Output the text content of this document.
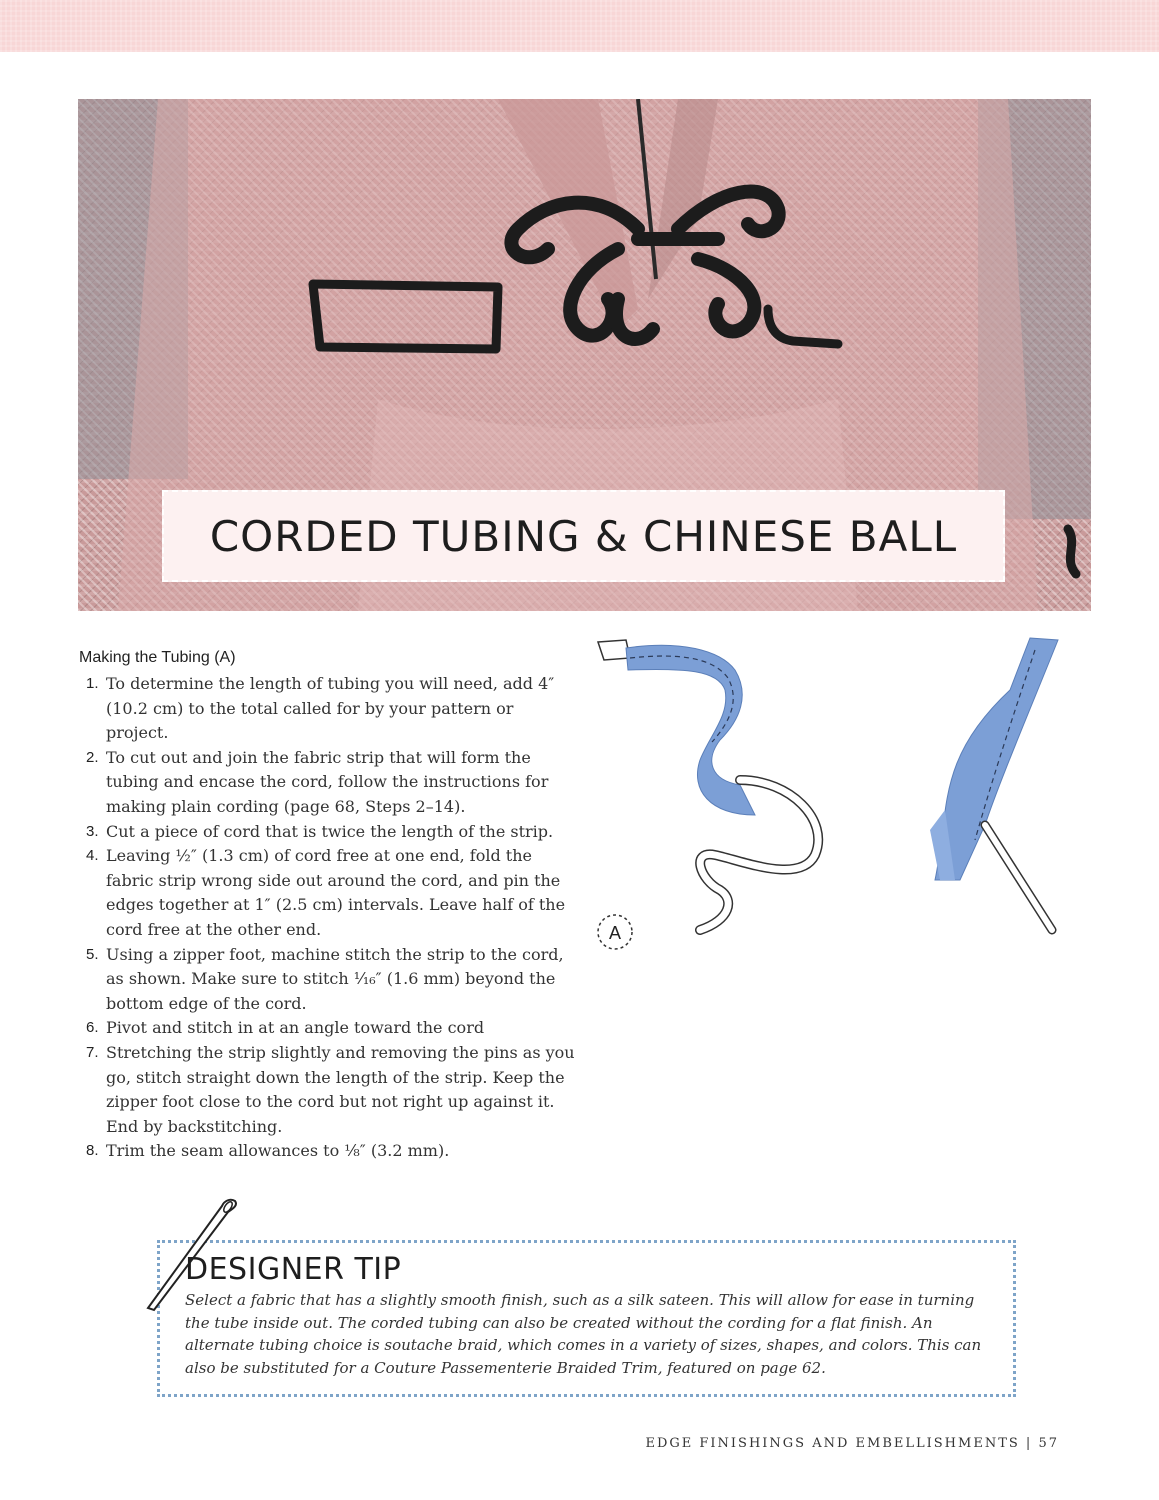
CORDED TUBING & CHINESE BALL
Making the Tubing (A)
1. To determine the length of tubing you will need, add 4″ (10.2 cm) to the total called for by your pattern or project.
2. To cut out and join the fabric strip that will form the tubing and encase the cord, follow the instructions for making plain cording (page 68, Steps 2–14).
3. Cut a piece of cord that is twice the length of the strip.
4. Leaving ½″ (1.3 cm) of cord free at one end, fold the fabric strip wrong side out around the cord, and pin the edges together at 1″ (2.5 cm) intervals. Leave half of the cord free at the other end.
5. Using a zipper foot, machine stitch the strip to the cord, as shown. Make sure to stitch ¹⁄₁₆″ (1.6 mm) beyond the bottom edge of the cord.
6. Pivot and stitch in at an angle toward the cord
7. Stretching the strip slightly and removing the pins as you go, stitch straight down the length of the strip. Keep the zipper foot close to the cord but not right up against it. End by backstitching.
8. Trim the seam allowances to ⅛″ (3.2 mm).
A
DESIGNER TIP
Select a fabric that has a slightly smooth finish, such as a silk sateen. This will allow for ease in turning the tube inside out. The corded tubing can also be created without the cording for a flat finish. An alternate tubing choice is soutache braid, which comes in a variety of sizes, shapes, and colors. This can also be substituted for a Couture Passementerie Braided Trim, featured on page 62.
EDGE FINISHINGS AND EMBELLISHMENTS | 57
